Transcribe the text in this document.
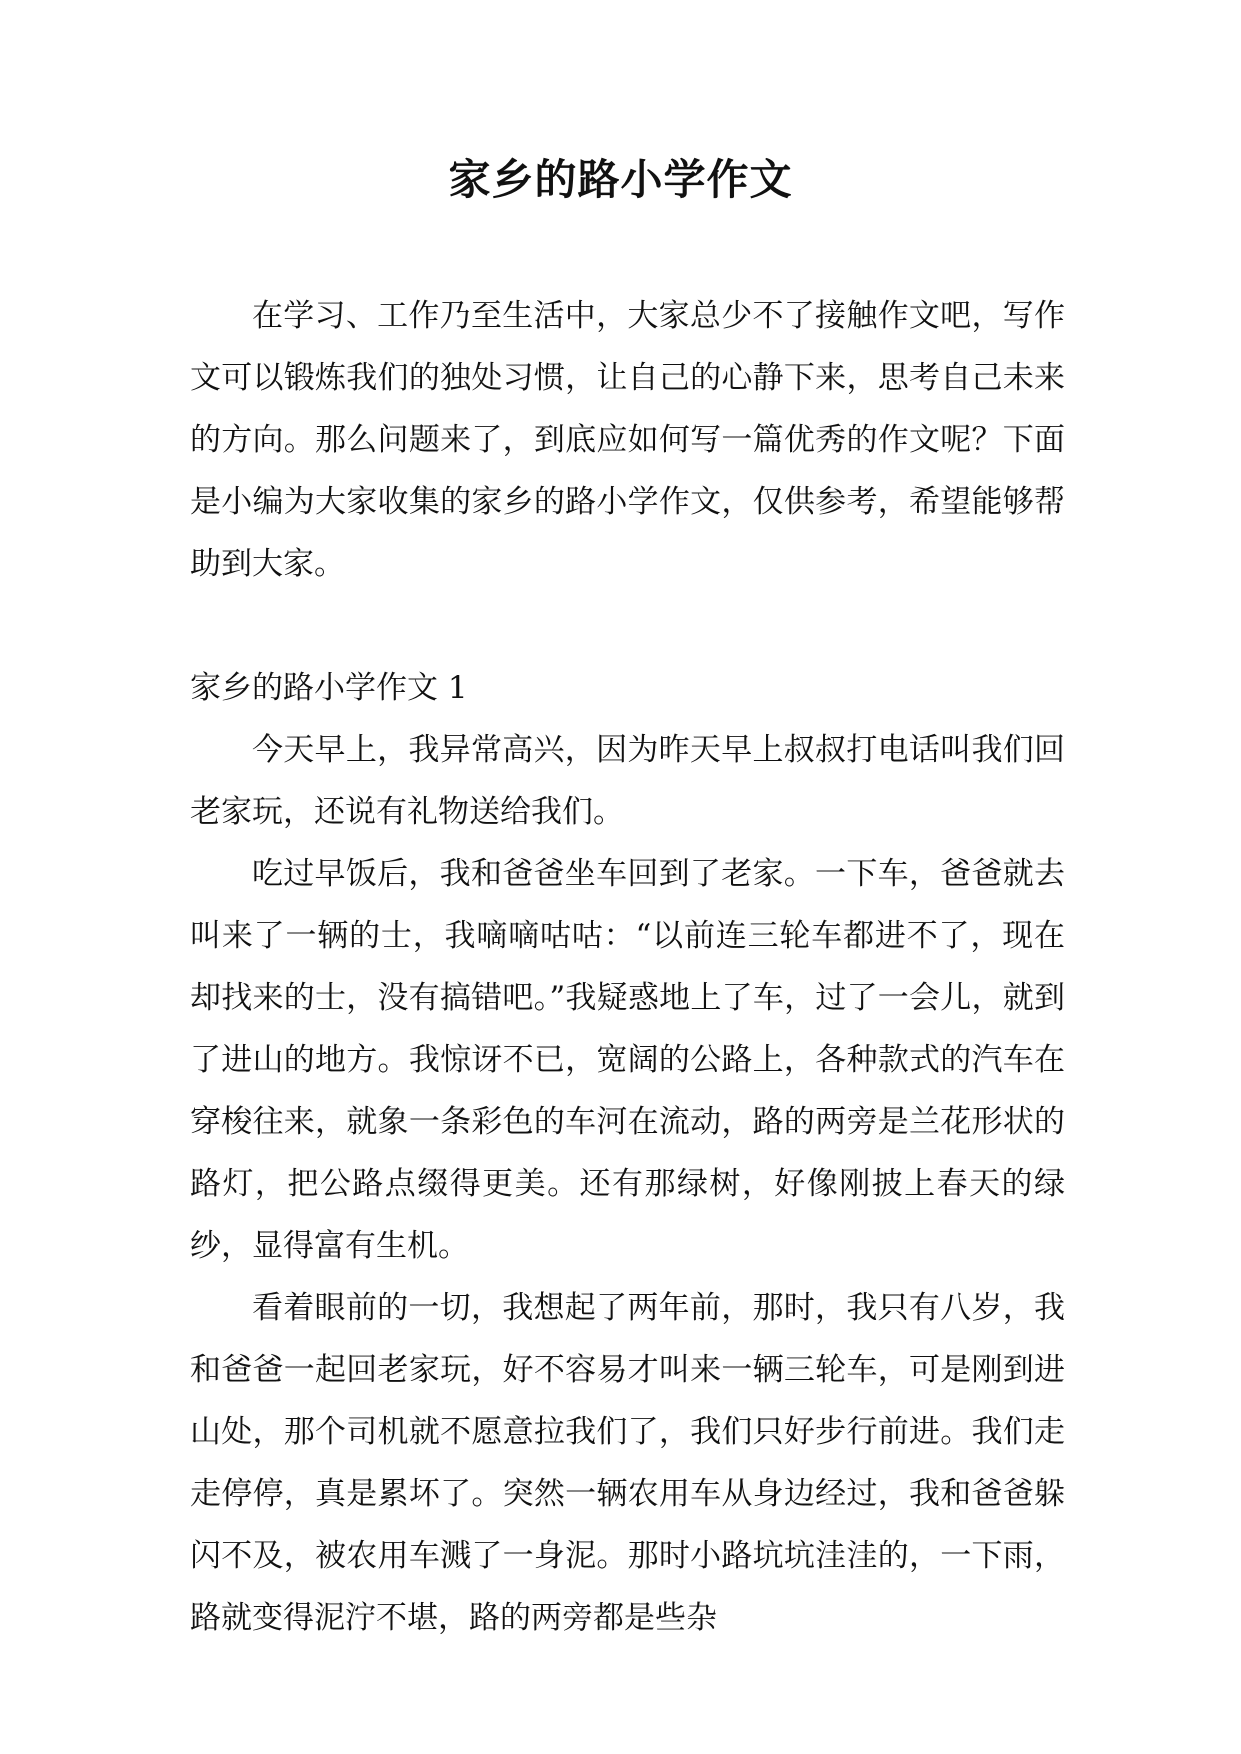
家乡的路小学作文

在学习、工作乃至生活中，大家总少不了接触作文吧，写作文可以锻炼我们的独处习惯，让自己的心静下来，思考自己未来的方向。那么问题来了，到底应如何写一篇优秀的作文呢？下面是小编为大家收集的家乡的路小学作文，仅供参考，希望能够帮助到大家。

家乡的路小学作文 1

今天早上，我异常高兴，因为昨天早上叔叔打电话叫我们回老家玩，还说有礼物送给我们。

吃过早饭后，我和爸爸坐车回到了老家。一下车，爸爸就去叫来了一辆的士，我嘀嘀咕咕：“以前连三轮车都进不了，现在却找来的士，没有搞错吧。”我疑惑地上了车，过了一会儿，就到了进山的地方。我惊讶不已，宽阔的公路上，各种款式的汽车在穿梭往来，就象一条彩色的车河在流动，路的两旁是兰花形状的路灯，把公路点缀得更美。还有那绿树，好像刚披上春天的绿纱，显得富有生机。

看着眼前的一切，我想起了两年前，那时，我只有八岁，我和爸爸一起回老家玩，好不容易才叫来一辆三轮车，可是刚到进山处，那个司机就不愿意拉我们了，我们只好步行前进。我们走走停停，真是累坏了。突然一辆农用车从身边经过，我和爸爸躲闪不及，被农用车溅了一身泥。那时小路坑坑洼洼的，一下雨，路就变得泥泞不堪，路的两旁都是些杂
